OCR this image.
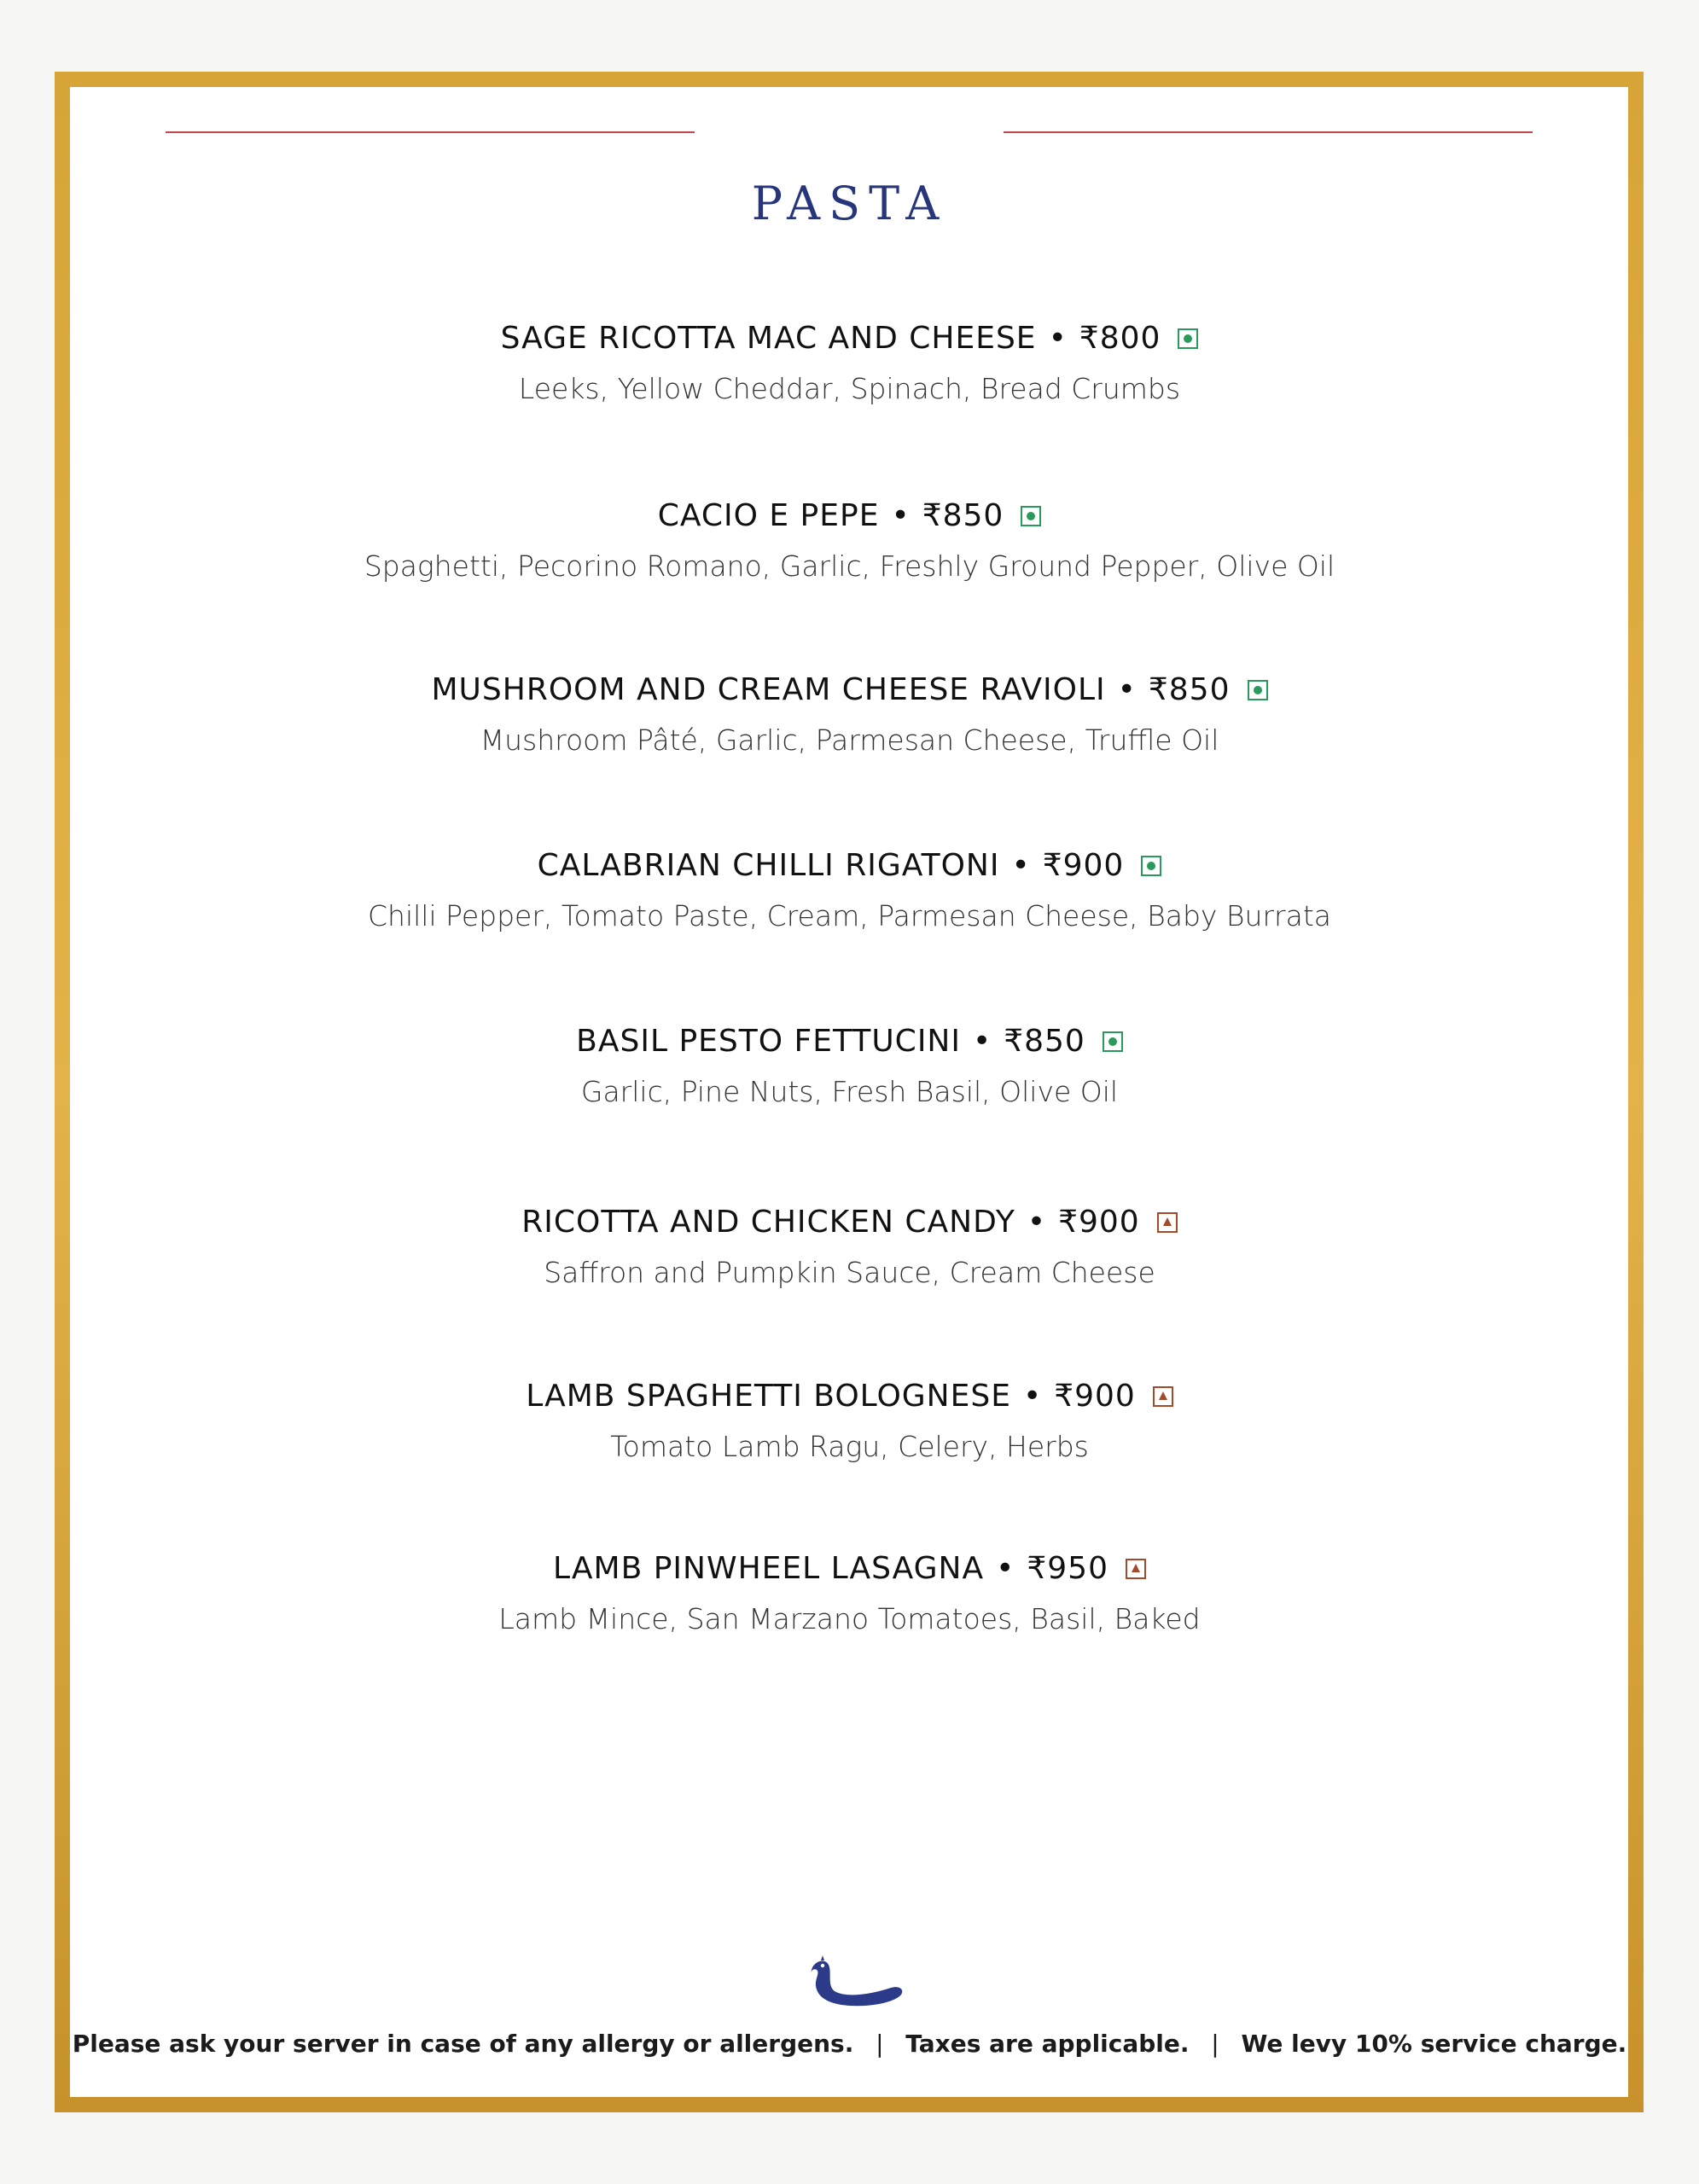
PASTA
SAGE RICOTTA MAC AND CHEESE • ₹800
Leeks, Yellow Cheddar, Spinach, Bread Crumbs
CACIO E PEPE • ₹850
Spaghetti, Pecorino Romano, Garlic, Freshly Ground Pepper, Olive Oil
MUSHROOM AND CREAM CHEESE RAVIOLI • ₹850
Mushroom Pâté, Garlic, Parmesan Cheese, Truffle Oil
CALABRIAN CHILLI RIGATONI • ₹900
Chilli Pepper, Tomato Paste, Cream, Parmesan Cheese, Baby Burrata
BASIL PESTO FETTUCINI • ₹850
Garlic, Pine Nuts, Fresh Basil, Olive Oil
RICOTTA AND CHICKEN CANDY • ₹900
Saffron and Pumpkin Sauce, Cream Cheese
LAMB SPAGHETTI BOLOGNESE • ₹900
Tomato Lamb Ragu, Celery, Herbs
LAMB PINWHEEL LASAGNA • ₹950
Lamb Mince, San Marzano Tomatoes, Basil, Baked
Please ask your server in case of any allergy or allergens. | Taxes are applicable. | We levy 10% service charge.
